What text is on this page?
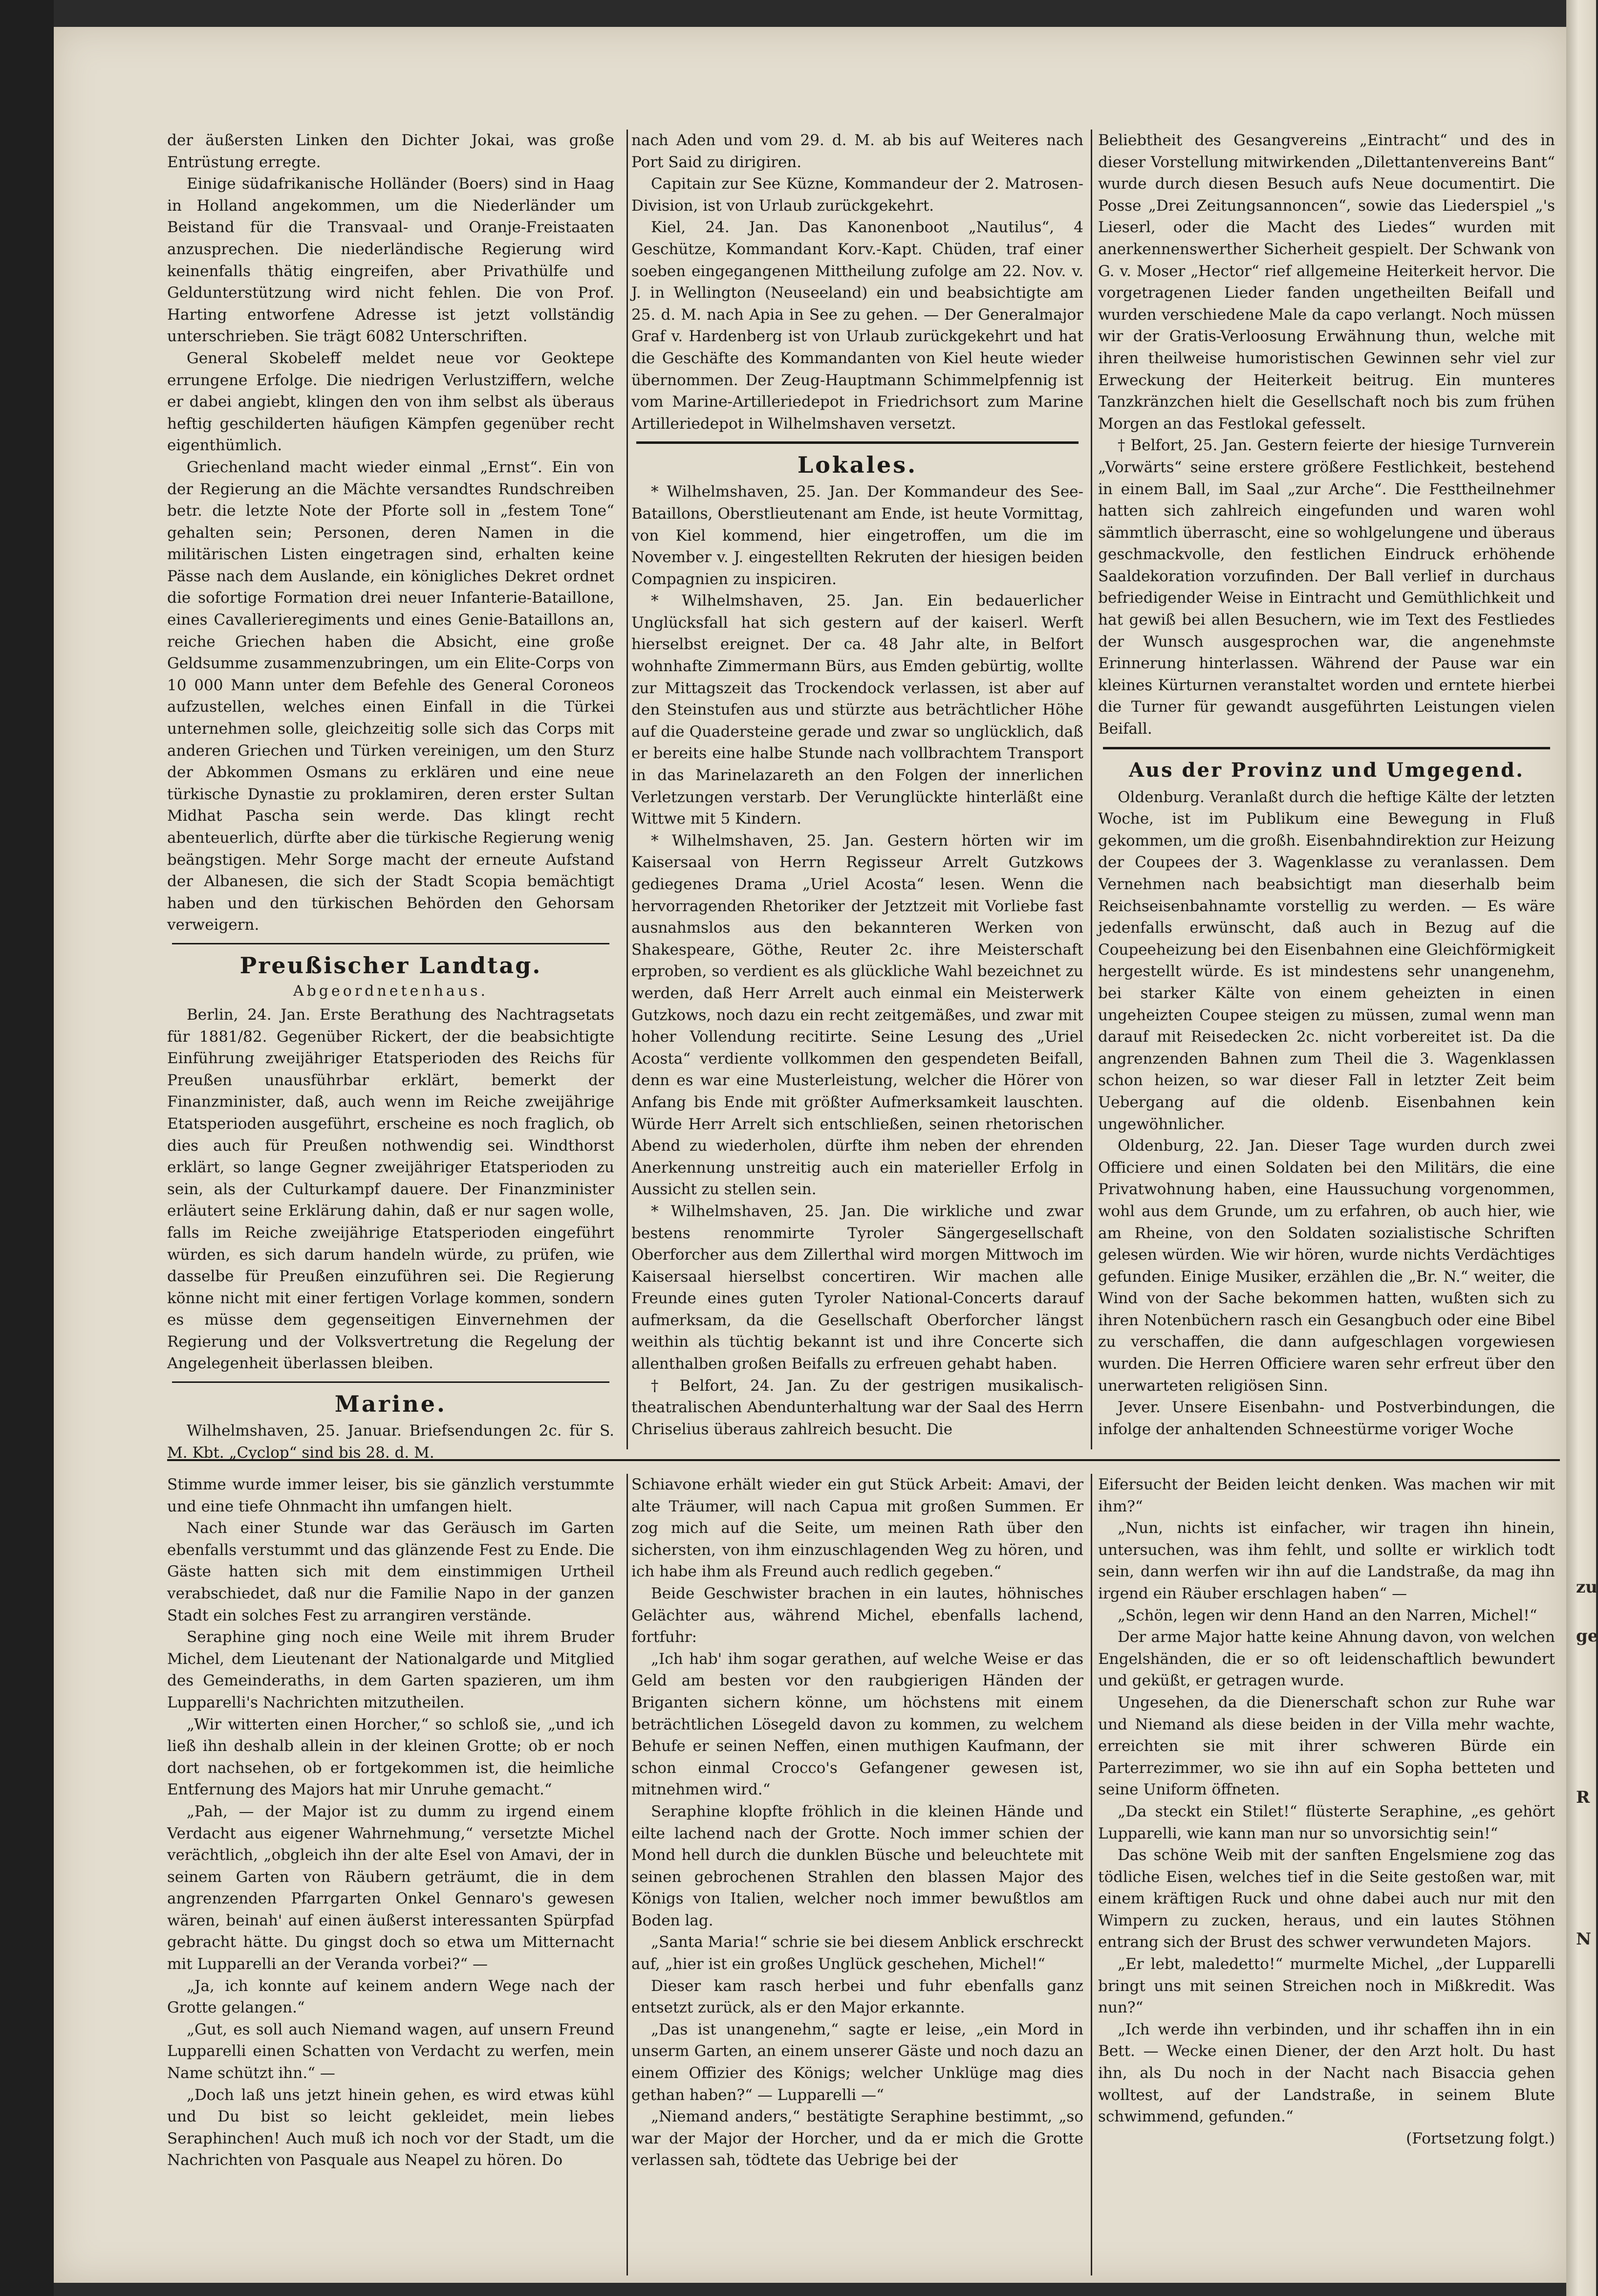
der äußersten Linken den Dichter Jokai, was große Entrüstung erregte.

Einige südafrikanische Holländer (Boers) sind in Haag in Holland angekommen, um die Niederländer um Beistand für die Transvaal- und Oranje-Freistaaten anzusprechen. Die niederländische Regierung wird keinenfalls thätig eingreifen, aber Privathülfe und Geldunterstützung wird nicht fehlen. Die von Prof. Harting entworfene Adresse ist jetzt vollständig unterschrieben. Sie trägt 6082 Unterschriften.

General Skobeleff meldet neue vor Geoktepe errungene Erfolge. Die niedrigen Verlustziffern, welche er dabei angiebt, klingen den von ihm selbst als überaus heftig geschilderten häufigen Kämpfen gegenüber recht eigenthümlich.

Griechenland macht wieder einmal „Ernst“. Ein von der Regierung an die Mächte versandtes Rundschreiben betr. die letzte Note der Pforte soll in „festem Tone“ gehalten sein; Personen, deren Namen in die militärischen Listen eingetragen sind, erhalten keine Pässe nach dem Auslande, ein königliches Dekret ordnet die sofortige Formation drei neuer Infanterie-Bataillone, eines Cavallerieregiments und eines Genie-Bataillons an, reiche Griechen haben die Absicht, eine große Geldsumme zusammenzubringen, um ein Elite-Corps von 10 000 Mann unter dem Befehle des General Coroneos aufzustellen, welches einen Einfall in die Türkei unternehmen solle, gleichzeitig solle sich das Corps mit anderen Griechen und Türken vereinigen, um den Sturz der Abkommen Osmans zu erklären und eine neue türkische Dynastie zu proklamiren, deren erster Sultan Midhat Pascha sein werde. Das klingt recht abenteuerlich, dürfte aber die türkische Regierung wenig beängstigen. Mehr Sorge macht der erneute Aufstand der Albanesen, die sich der Stadt Scopia bemächtigt haben und den türkischen Behörden den Gehorsam verweigern.

Preußischer Landtag.
Abgeordnetenhaus.

Berlin, 24. Jan. Erste Berathung des Nachtragsetats für 1881/82. Gegenüber Rickert, der die beabsichtigte Einführung zweijähriger Etatsperioden des Reichs für Preußen unausführbar erklärt, bemerkt der Finanzminister, daß, auch wenn im Reiche zweijährige Etatsperioden ausgeführt, erscheine es noch fraglich, ob dies auch für Preußen nothwendig sei. Windthorst erklärt, so lange Gegner zweijähriger Etatsperioden zu sein, als der Culturkampf dauere. Der Finanzminister erläutert seine Erklärung dahin, daß er nur sagen wolle, falls im Reiche zweijährige Etatsperioden eingeführt würden, es sich darum handeln würde, zu prüfen, wie dasselbe für Preußen einzuführen sei. Die Regierung könne nicht mit einer fertigen Vorlage kommen, sondern es müsse dem gegenseitigen Einvernehmen der Regierung und der Volksvertretung die Regelung der Angelegenheit überlassen bleiben.

Marine.

Wilhelmshaven, 25. Januar. Briefsendungen 2c. für S. M. Kbt. „Cyclop“ sind bis 28. d. M.

nach Aden und vom 29. d. M. ab bis auf Weiteres nach Port Said zu dirigiren.

Capitain zur See Küzne, Kommandeur der 2. Matrosen-Division, ist von Urlaub zurückgekehrt.

Kiel, 24. Jan. Das Kanonenboot „Nautilus“, 4 Geschütze, Kommandant Korv.-Kapt. Chüden, traf einer soeben eingegangenen Mittheilung zufolge am 22. Nov. v. J. in Wellington (Neuseeland) ein und beabsichtigte am 25. d. M. nach Apia in See zu gehen. — Der Generalmajor Graf v. Hardenberg ist von Urlaub zurückgekehrt und hat die Geschäfte des Kommandanten von Kiel heute wieder übernommen. Der Zeug-Hauptmann Schimmelpfennig ist vom Marine-Artilleriedepot in Friedrichsort zum Marine Artilleriedepot in Wilhelmshaven versetzt.

Lokales.

* Wilhelmshaven, 25. Jan. Der Kommandeur des See-Bataillons, Oberstlieutenant am Ende, ist heute Vormittag, von Kiel kommend, hier eingetroffen, um die im November v. J. eingestellten Rekruten der hiesigen beiden Compagnien zu inspiciren.

* Wilhelmshaven, 25. Jan. Ein bedauerlicher Unglücksfall hat sich gestern auf der kaiserl. Werft hierselbst ereignet. Der ca. 48 Jahr alte, in Belfort wohnhafte Zimmermann Bürs, aus Emden gebürtig, wollte zur Mittagszeit das Trockendock verlassen, ist aber auf den Steinstufen aus und stürzte aus beträchtlicher Höhe auf die Quadersteine gerade und zwar so unglücklich, daß er bereits eine halbe Stunde nach vollbrachtem Transport in das Marinelazareth an den Folgen der innerlichen Verletzungen verstarb. Der Verunglückte hinterläßt eine Wittwe mit 5 Kindern.

* Wilhelmshaven, 25. Jan. Gestern hörten wir im Kaisersaal von Herrn Regisseur Arrelt Gutzkows gediegenes Drama „Uriel Acosta“ lesen. Wenn die hervorragenden Rhetoriker der Jetztzeit mit Vorliebe fast ausnahmslos aus den bekannteren Werken von Shakespeare, Göthe, Reuter 2c. ihre Meisterschaft erproben, so verdient es als glückliche Wahl bezeichnet zu werden, daß Herr Arrelt auch einmal ein Meisterwerk Gutzkows, noch dazu ein recht zeitgemäßes, und zwar mit hoher Vollendung recitirte. Seine Lesung des „Uriel Acosta“ verdiente vollkommen den gespendeten Beifall, denn es war eine Musterleistung, welcher die Hörer von Anfang bis Ende mit größter Aufmerksamkeit lauschten. Würde Herr Arrelt sich entschließen, seinen rhetorischen Abend zu wiederholen, dürfte ihm neben der ehrenden Anerkennung unstreitig auch ein materieller Erfolg in Aussicht zu stellen sein.

* Wilhelmshaven, 25. Jan. Die wirkliche und zwar bestens renommirte Tyroler Sängergesellschaft Oberforcher aus dem Zillerthal wird morgen Mittwoch im Kaisersaal hierselbst concertiren. Wir machen alle Freunde eines guten Tyroler National-Concerts darauf aufmerksam, da die Gesellschaft Oberforcher längst weithin als tüchtig bekannt ist und ihre Concerte sich allenthalben großen Beifalls zu erfreuen gehabt haben.

† Belfort, 24. Jan. Zu der gestrigen musikalisch-theatralischen Abendunterhaltung war der Saal des Herrn Chriselius überaus zahlreich besucht. Die

Beliebtheit des Gesangvereins „Eintracht“ und des in dieser Vorstellung mitwirkenden „Dilettantenvereins Bant“ wurde durch diesen Besuch aufs Neue documentirt. Die Posse „Drei Zeitungsannoncen“, sowie das Liederspiel „'s Lieserl, oder die Macht des Liedes“ wurden mit anerkennenswerther Sicherheit gespielt. Der Schwank von G. v. Moser „Hector“ rief allgemeine Heiterkeit hervor. Die vorgetragenen Lieder fanden ungetheilten Beifall und wurden verschiedene Male da capo verlangt. Noch müssen wir der Gratis-Verloosung Erwähnung thun, welche mit ihren theilweise humoristischen Gewinnen sehr viel zur Erweckung der Heiterkeit beitrug. Ein munteres Tanzkränzchen hielt die Gesellschaft noch bis zum frühen Morgen an das Festlokal gefesselt.

† Belfort, 25. Jan. Gestern feierte der hiesige Turnverein „Vorwärts“ seine erstere größere Festlichkeit, bestehend in einem Ball, im Saal „zur Arche“. Die Festtheilnehmer hatten sich zahlreich eingefunden und waren wohl sämmtlich überrascht, eine so wohlgelungene und überaus geschmackvolle, den festlichen Eindruck erhöhende Saaldekoration vorzufinden. Der Ball verlief in durchaus befriedigender Weise in Eintracht und Gemüthlichkeit und hat gewiß bei allen Besuchern, wie im Text des Festliedes der Wunsch ausgesprochen war, die angenehmste Erinnerung hinterlassen. Während der Pause war ein kleines Kürturnen veranstaltet worden und erntete hierbei die Turner für gewandt ausgeführten Leistungen vielen Beifall.

Aus der Provinz und Umgegend.

Oldenburg. Veranlaßt durch die heftige Kälte der letzten Woche, ist im Publikum eine Bewegung in Fluß gekommen, um die großh. Eisenbahndirektion zur Heizung der Coupees der 3. Wagenklasse zu veranlassen. Dem Vernehmen nach beabsichtigt man dieserhalb beim Reichseisenbahnamte vorstellig zu werden. — Es wäre jedenfalls erwünscht, daß auch in Bezug auf die Coupeeheizung bei den Eisenbahnen eine Gleichförmigkeit hergestellt würde. Es ist mindestens sehr unangenehm, bei starker Kälte von einem geheizten in einen ungeheizten Coupee steigen zu müssen, zumal wenn man darauf mit Reisedecken 2c. nicht vorbereitet ist. Da die angrenzenden Bahnen zum Theil die 3. Wagenklassen schon heizen, so war dieser Fall in letzter Zeit beim Uebergang auf die oldenb. Eisenbahnen kein ungewöhnlicher.

Oldenburg, 22. Jan. Dieser Tage wurden durch zwei Officiere und einen Soldaten bei den Militärs, die eine Privatwohnung haben, eine Haussuchung vorgenommen, wohl aus dem Grunde, um zu erfahren, ob auch hier, wie am Rheine, von den Soldaten sozialistische Schriften gelesen würden. Wie wir hören, wurde nichts Verdächtiges gefunden. Einige Musiker, erzählen die „Br. N.“ weiter, die Wind von der Sache bekommen hatten, wußten sich zu ihren Notenbüchern rasch ein Gesangbuch oder eine Bibel zu verschaffen, die dann aufgeschlagen vorgewiesen wurden. Die Herren Officiere waren sehr erfreut über den unerwarteten religiösen Sinn.

Jever. Unsere Eisenbahn- und Postverbindungen, die infolge der anhaltenden Schneestürme voriger Woche

Stimme wurde immer leiser, bis sie gänzlich verstummte und eine tiefe Ohnmacht ihn umfangen hielt.

Nach einer Stunde war das Geräusch im Garten ebenfalls verstummt und das glänzende Fest zu Ende. Die Gäste hatten sich mit dem einstimmigen Urtheil verabschiedet, daß nur die Familie Napo in der ganzen Stadt ein solches Fest zu arrangiren verstände.

Seraphine ging noch eine Weile mit ihrem Bruder Michel, dem Lieutenant der Nationalgarde und Mitglied des Gemeinderaths, in dem Garten spazieren, um ihm Lupparelli's Nachrichten mitzutheilen.

„Wir witterten einen Horcher,“ so schloß sie, „und ich ließ ihn deshalb allein in der kleinen Grotte; ob er noch dort nachsehen, ob er fortgekommen ist, die heimliche Entfernung des Majors hat mir Unruhe gemacht.“

„Pah, — der Major ist zu dumm zu irgend einem Verdacht aus eigener Wahrnehmung,“ versetzte Michel verächtlich, „obgleich ihn der alte Esel von Amavi, der in seinem Garten von Räubern geträumt, die in dem angrenzenden Pfarrgarten Onkel Gennaro's gewesen wären, beinah' auf einen äußerst interessanten Spürpfad gebracht hätte. Du gingst doch so etwa um Mitternacht mit Lupparelli an der Veranda vorbei?“ —

„Ja, ich konnte auf keinem andern Wege nach der Grotte gelangen.“

„Gut, es soll auch Niemand wagen, auf unsern Freund Lupparelli einen Schatten von Verdacht zu werfen, mein Name schützt ihn.“ —

„Doch laß uns jetzt hinein gehen, es wird etwas kühl und Du bist so leicht gekleidet, mein liebes Seraphinchen! Auch muß ich noch vor der Stadt, um die Nachrichten von Pasquale aus Neapel zu hören. Do

Schiavone erhält wieder ein gut Stück Arbeit: Amavi, der alte Träumer, will nach Capua mit großen Summen. Er zog mich auf die Seite, um meinen Rath über den sichersten, von ihm einzuschlagenden Weg zu hören, und ich habe ihm als Freund auch redlich gegeben.“

Beide Geschwister brachen in ein lautes, höhnisches Gelächter aus, während Michel, ebenfalls lachend, fortfuhr:

„Ich hab' ihm sogar gerathen, auf welche Weise er das Geld am besten vor den raubgierigen Händen der Briganten sichern könne, um höchstens mit einem beträchtlichen Lösegeld davon zu kommen, zu welchem Behufe er seinen Neffen, einen muthigen Kaufmann, der schon einmal Crocco's Gefangener gewesen ist, mitnehmen wird.“

Seraphine klopfte fröhlich in die kleinen Hände und eilte lachend nach der Grotte. Noch immer schien der Mond hell durch die dunklen Büsche und beleuchtete mit seinen gebrochenen Strahlen den blassen Major des Königs von Italien, welcher noch immer bewußtlos am Boden lag.

„Santa Maria!“ schrie sie bei diesem Anblick erschreckt auf, „hier ist ein großes Unglück geschehen, Michel!“

Dieser kam rasch herbei und fuhr ebenfalls ganz entsetzt zurück, als er den Major erkannte.

„Das ist unangenehm,“ sagte er leise, „ein Mord in unserm Garten, an einem unserer Gäste und noch dazu an einem Offizier des Königs; welcher Unklüge mag dies gethan haben?“ — Lupparelli —“

„Niemand anders,“ bestätigte Seraphine bestimmt, „so war der Major der Horcher, und da er mich die Grotte verlassen sah, tödtete das Uebrige bei der

Eifersucht der Beiden leicht denken. Was machen wir mit ihm?“

„Nun, nichts ist einfacher, wir tragen ihn hinein, untersuchen, was ihm fehlt, und sollte er wirklich todt sein, dann werfen wir ihn auf die Landstraße, da mag ihn irgend ein Räuber erschlagen haben“ —

„Schön, legen wir denn Hand an den Narren, Michel!“

Der arme Major hatte keine Ahnung davon, von welchen Engelshänden, die er so oft leidenschaftlich bewundert und geküßt, er getragen wurde.

Ungesehen, da die Dienerschaft schon zur Ruhe war und Niemand als diese beiden in der Villa mehr wachte, erreichten sie mit ihrer schweren Bürde ein Parterrezimmer, wo sie ihn auf ein Sopha betteten und seine Uniform öffneten.

„Da steckt ein Stilet!“ flüsterte Seraphine, „es gehört Lupparelli, wie kann man nur so unvorsichtig sein!“

Das schöne Weib mit der sanften Engelsmiene zog das tödliche Eisen, welches tief in die Seite gestoßen war, mit einem kräftigen Ruck und ohne dabei auch nur mit den Wimpern zu zucken, heraus, und ein lautes Stöhnen entrang sich der Brust des schwer verwundeten Majors.

„Er lebt, maledetto!“ murmelte Michel, „der Lupparelli bringt uns mit seinen Streichen noch in Mißkredit. Was nun?“

„Ich werde ihn verbinden, und ihr schaffen ihn in ein Bett. — Wecke einen Diener, der den Arzt holt. Du hast ihn, als Du noch in der Nacht nach Bisaccia gehen wolltest, auf der Landstraße, in seinem Blute schwimmend, gefunden.“

(Fortsetzung folgt.)

zu
ge
R
N
